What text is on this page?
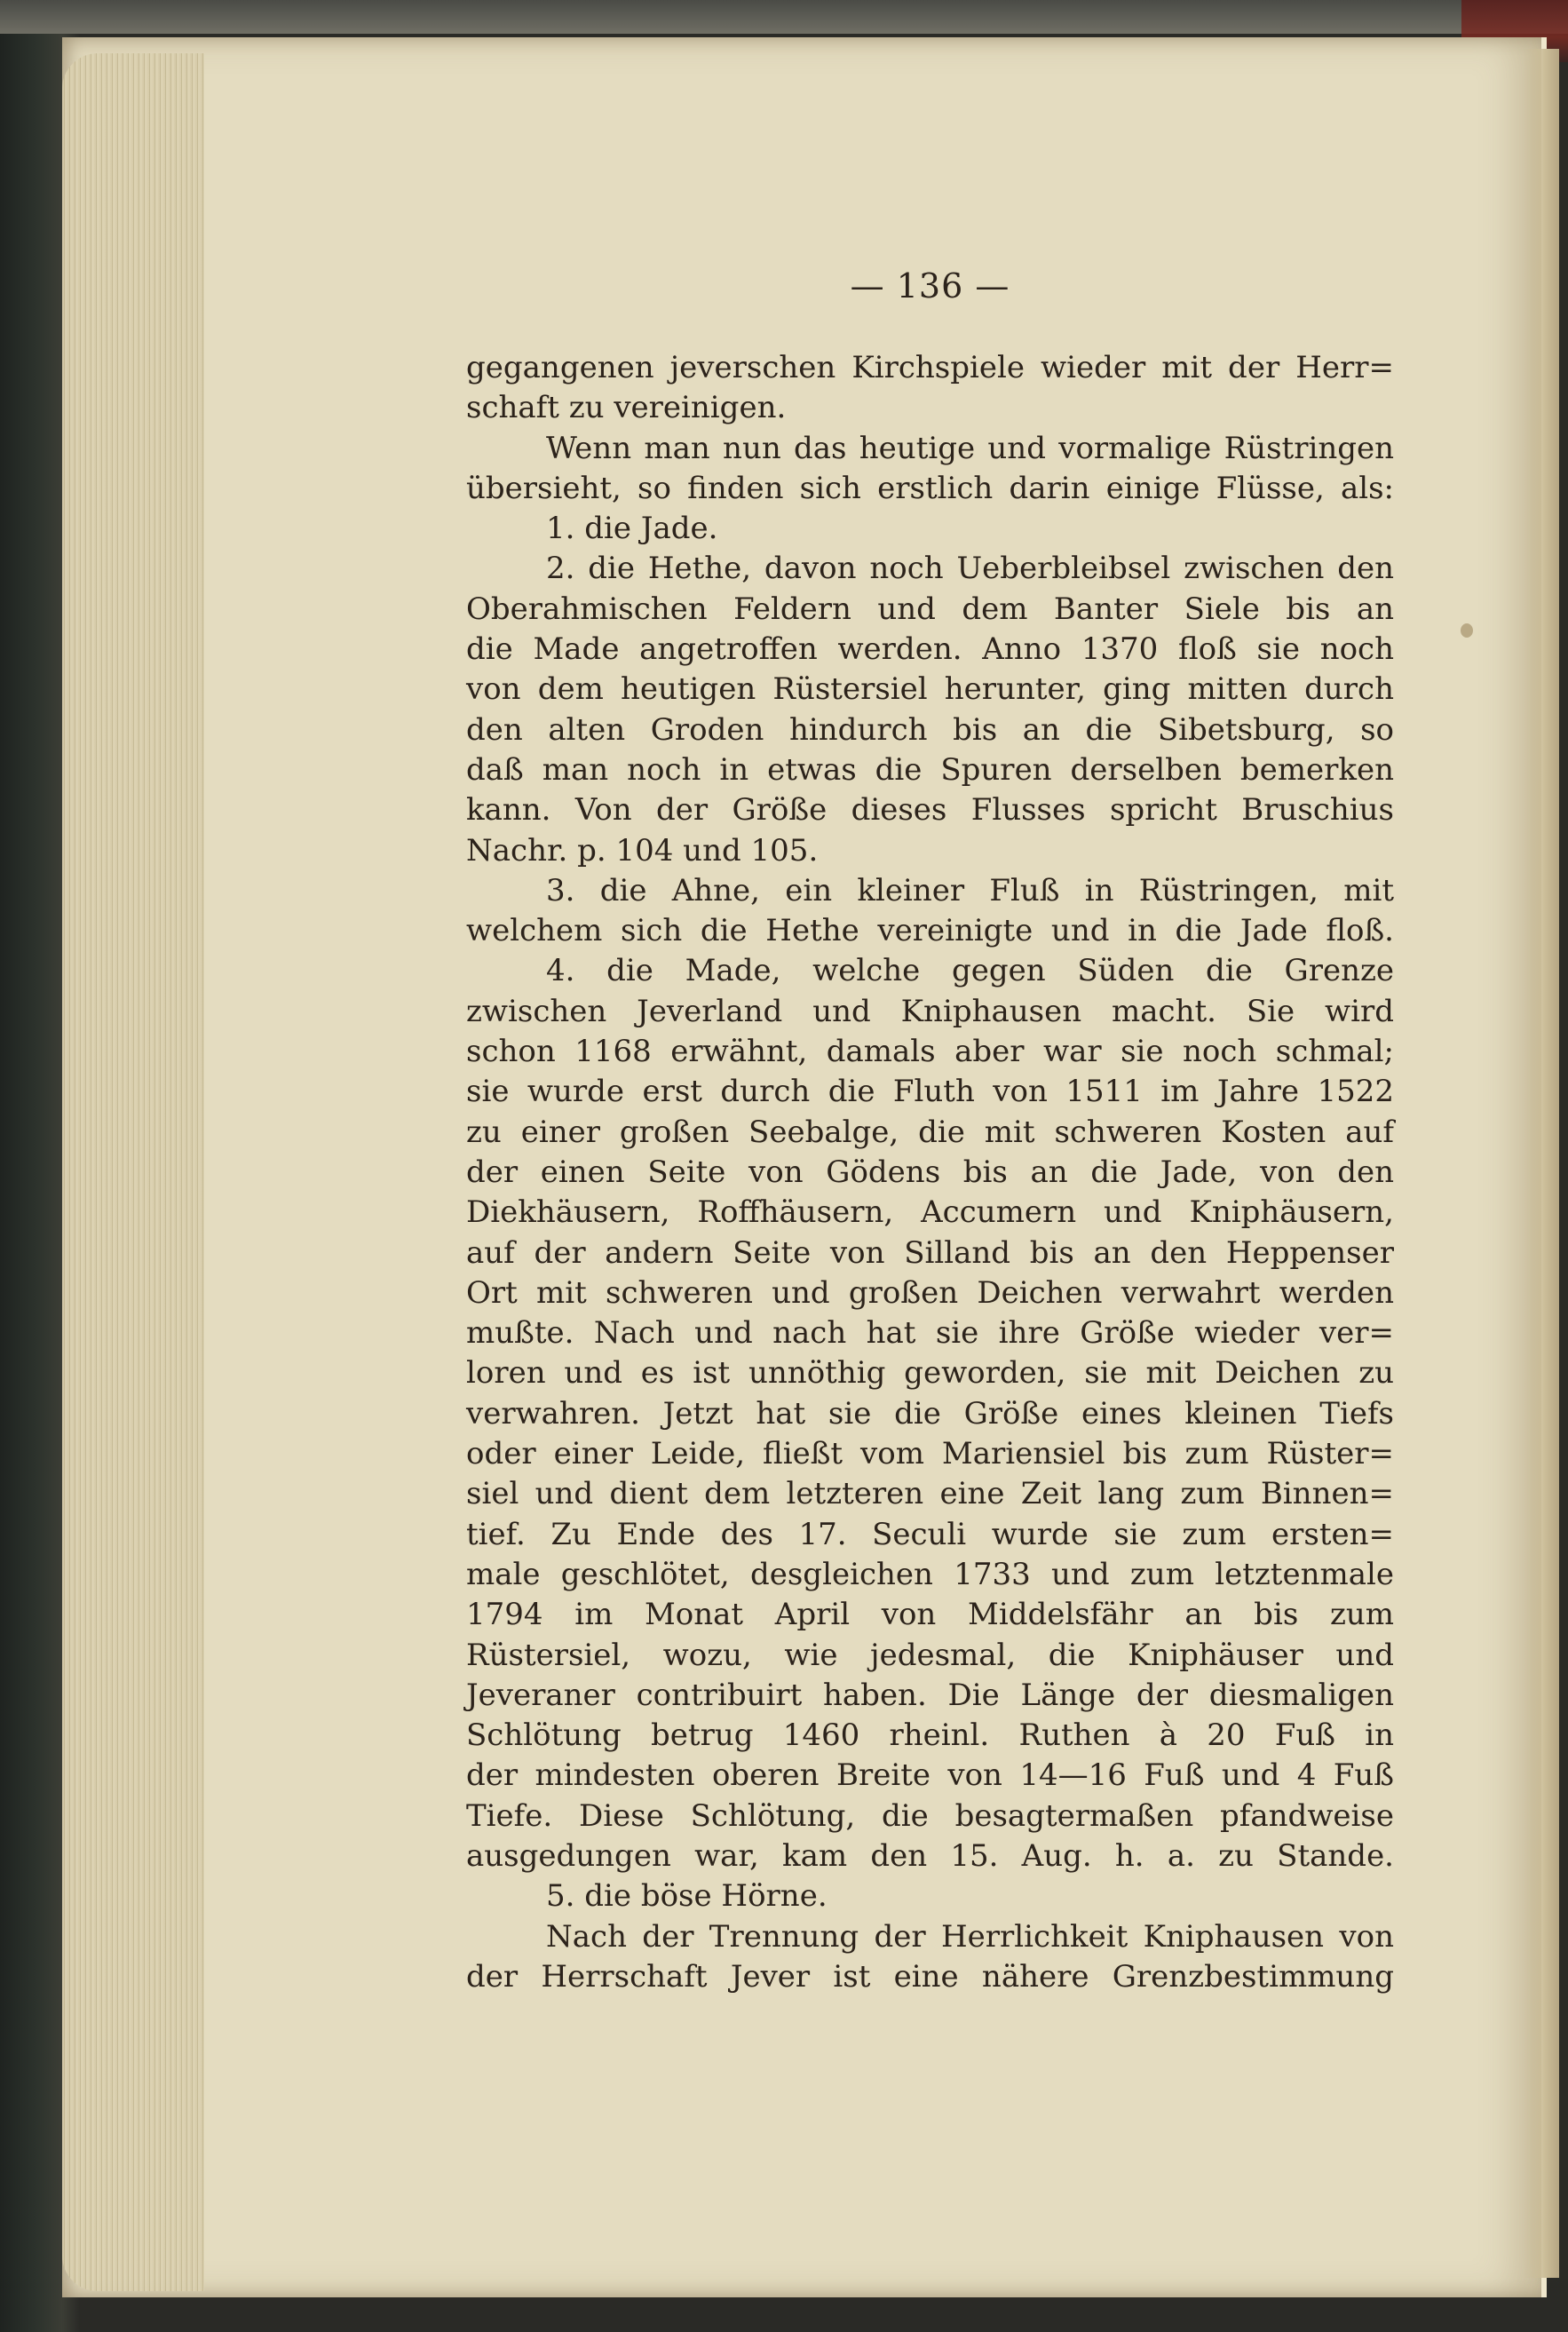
— 136 —
gegangenen jeverschen Kirchspiele wieder mit der Herr=
schaft zu vereinigen.
Wenn man nun das heutige und vormalige Rüstringen
übersieht, so finden sich erstlich darin einige Flüsse, als:
1. die Jade.
2. die Hethe, davon noch Ueberbleibsel zwischen den
Oberahmischen Feldern und dem Banter Siele bis an
die Made angetroffen werden. Anno 1370 floß sie noch
von dem heutigen Rüstersiel herunter, ging mitten durch
den alten Groden hindurch bis an die Sibetsburg, so
daß man noch in etwas die Spuren derselben bemerken
kann. Von der Größe dieses Flusses spricht Bruschius
Nachr. p. 104 und 105.
3. die Ahne, ein kleiner Fluß in Rüstringen, mit
welchem sich die Hethe vereinigte und in die Jade floß.
4. die Made, welche gegen Süden die Grenze
zwischen Jeverland und Kniphausen macht. Sie wird
schon 1168 erwähnt, damals aber war sie noch schmal;
sie wurde erst durch die Fluth von 1511 im Jahre 1522
zu einer großen Seebalge, die mit schweren Kosten auf
der einen Seite von Gödens bis an die Jade, von den
Diekhäusern, Roffhäusern, Accumern und Kniphäusern,
auf der andern Seite von Silland bis an den Heppenser
Ort mit schweren und großen Deichen verwahrt werden
mußte. Nach und nach hat sie ihre Größe wieder ver=
loren und es ist unnöthig geworden, sie mit Deichen zu
verwahren. Jetzt hat sie die Größe eines kleinen Tiefs
oder einer Leide, fließt vom Mariensiel bis zum Rüster=
siel und dient dem letzteren eine Zeit lang zum Binnen=
tief. Zu Ende des 17. Seculi wurde sie zum ersten=
male geschlötet, desgleichen 1733 und zum letztenmale
1794 im Monat April von Middelsfähr an bis zum
Rüstersiel, wozu, wie jedesmal, die Kniphäuser und
Jeveraner contribuirt haben. Die Länge der diesmaligen
Schlötung betrug 1460 rheinl. Ruthen à 20 Fuß in
der mindesten oberen Breite von 14—16 Fuß und 4 Fuß
Tiefe. Diese Schlötung, die besagtermaßen pfandweise
ausgedungen war, kam den 15. Aug. h. a. zu Stande.
5. die böse Hörne.
Nach der Trennung der Herrlichkeit Kniphausen von
der Herrschaft Jever ist eine nähere Grenzbestimmung
